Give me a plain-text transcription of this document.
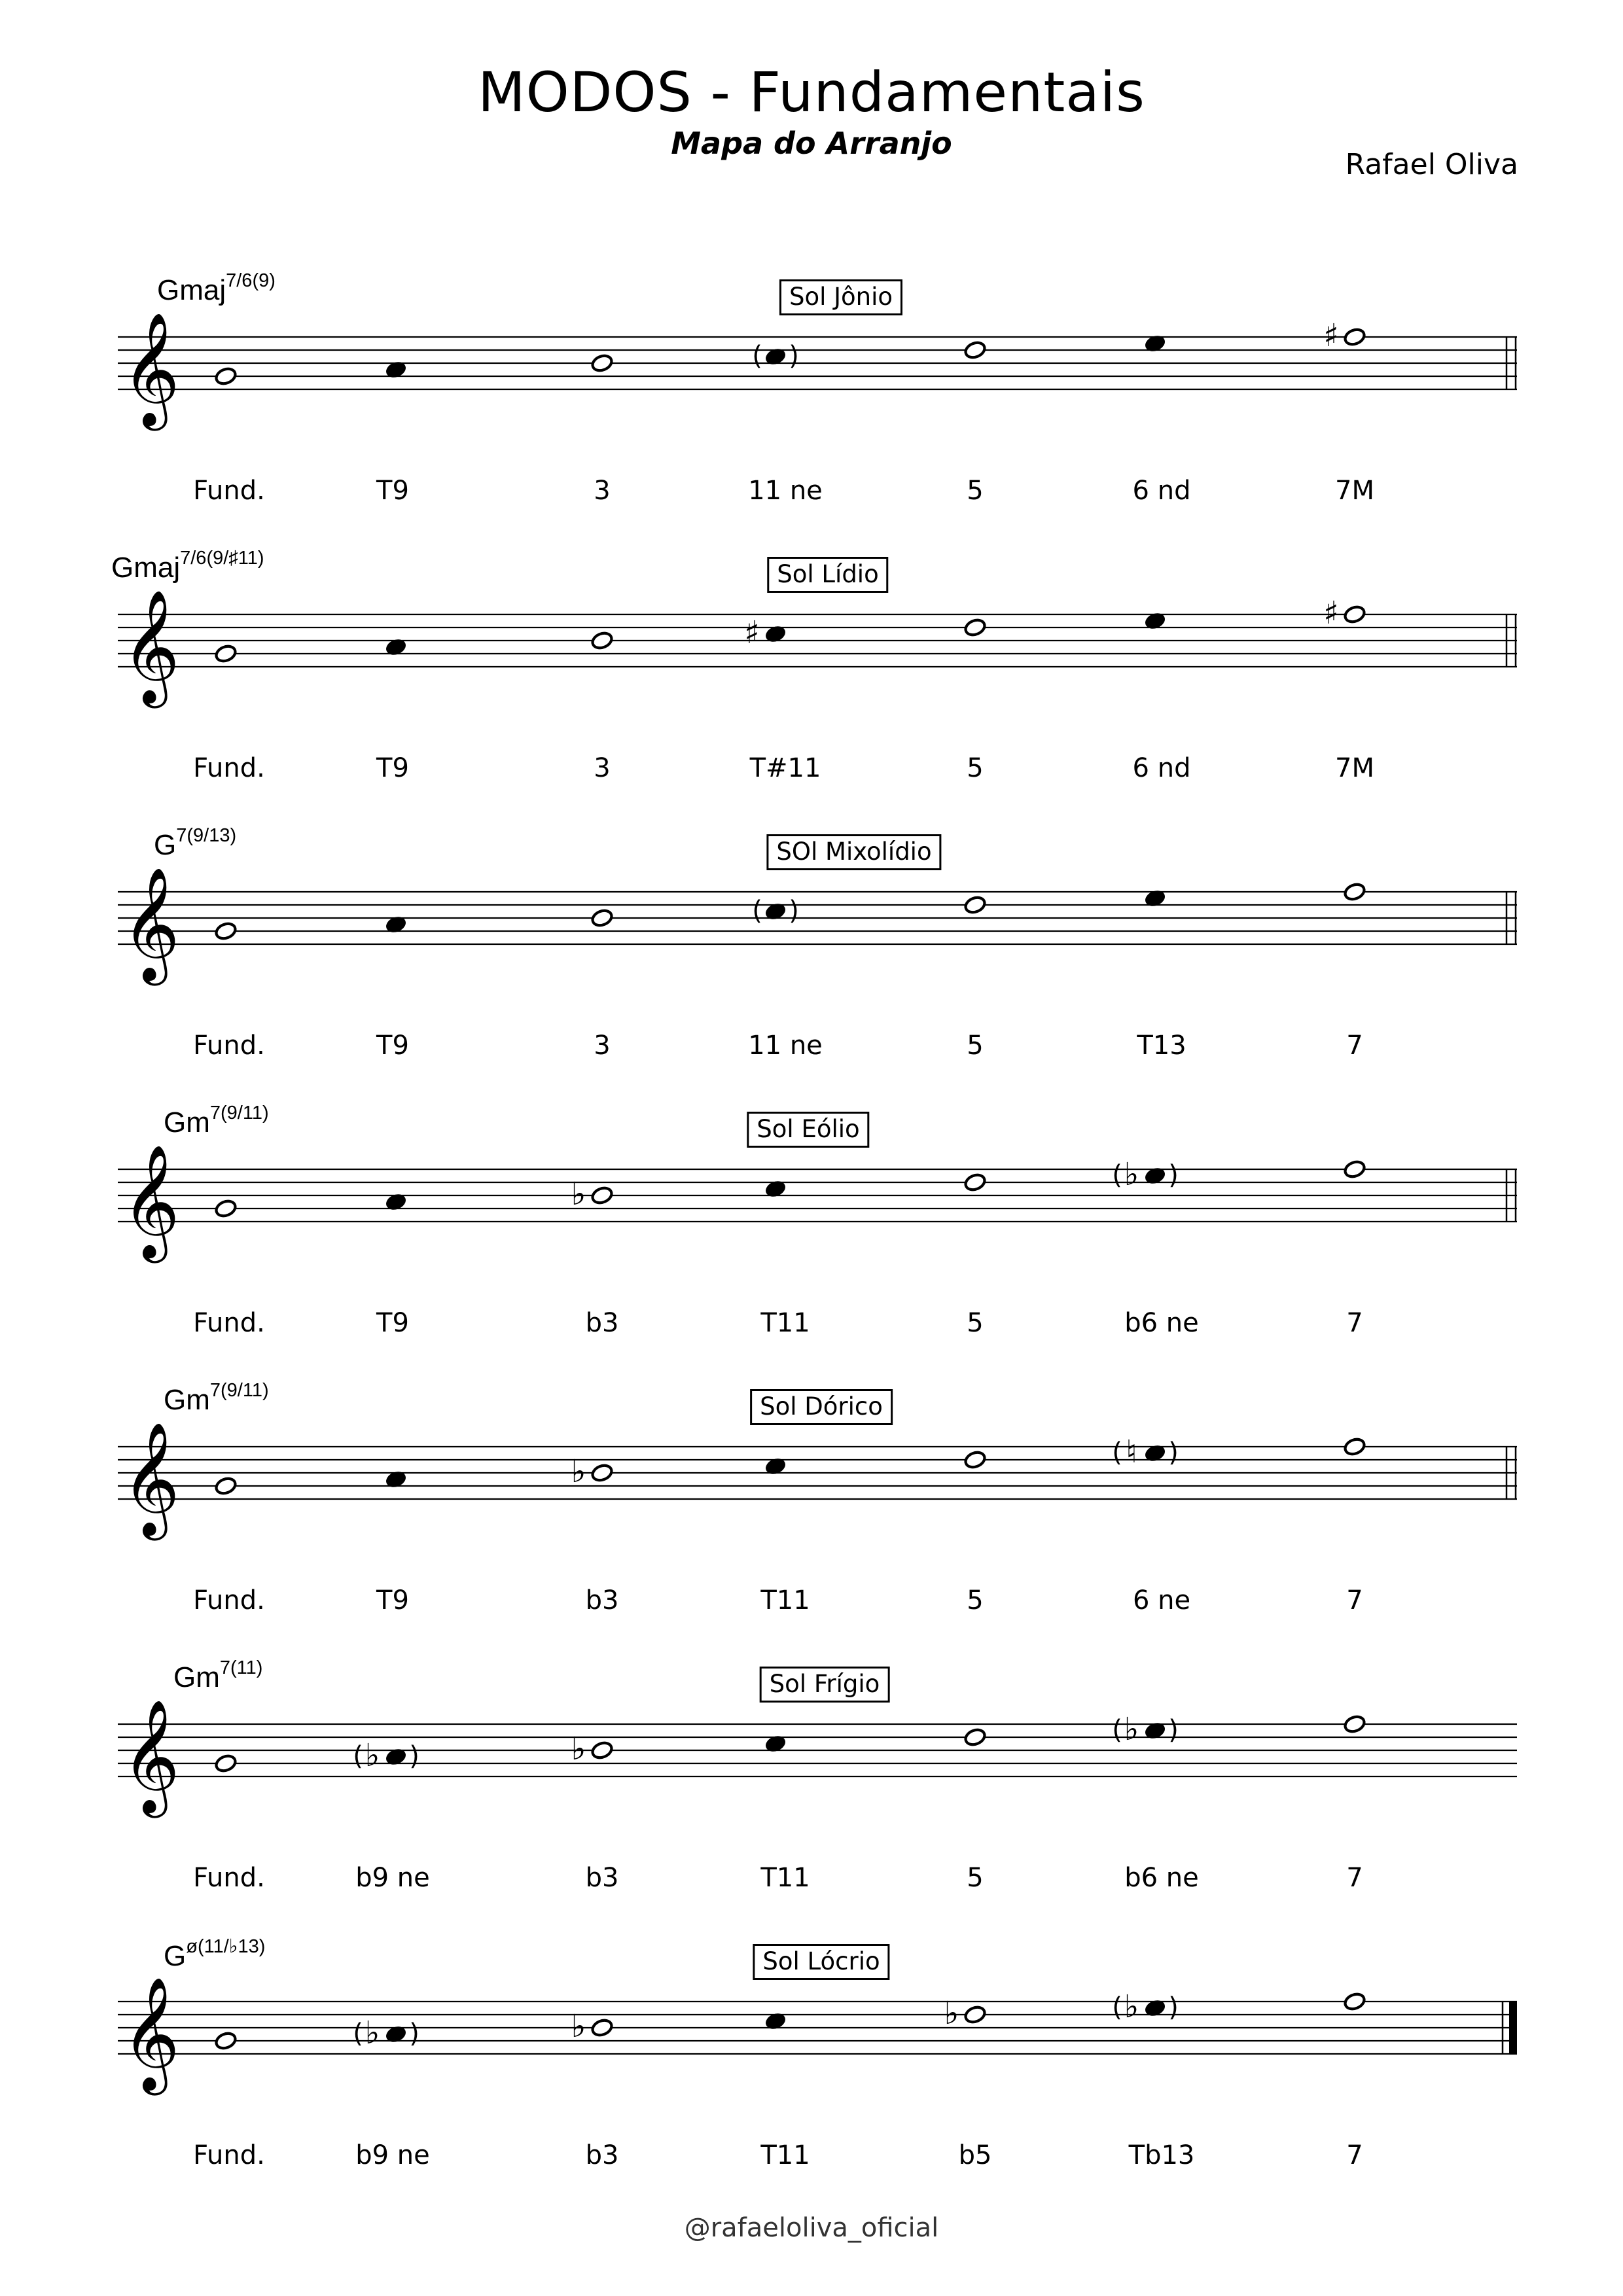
MODOS - Fundamentais
Mapa do Arranjo
Rafael Oliva
Gmaj$^{7/6(9)}$
Sol Jônio
𝄞	( )
♯
Fund.	T9	3	11 ne	5	6 nd	7M
Gmaj$^{7/6(9/♯11)}$
Sol Lídio
𝄞	♯
♯
Fund.	T9	3	T#11	5	6 nd	7M
$G^{7(9/13)}$
SOl Mixolídio
𝄞	( )
Fund.	T9	3	11 ne	5	T13	7
$Gm^{7(9/11)}$
Sol Eólio
𝄞	♭
♭
( )
Fund.	T9	b3	T11	5	b6 ne	7
$Gm^{7(9/11)}$
Sol Dórico
𝄞	♭
♮
( )
Fund.	T9	b3	T11	5	6 ne	7
$Gm^{7(11)}$
Sol Frígio
𝄞	♭
( )	♭
♭
( )
Fund.	b9 ne	b3	T11	5	b6 ne	7
$G^{ø(11/♭13)}$
Sol Lócrio
𝄞	♭
( )	♭	♭	♭
( )
Fund.	b9 ne	b3	T11	b5	Tb13	7
@rafaeloliva_oficial
